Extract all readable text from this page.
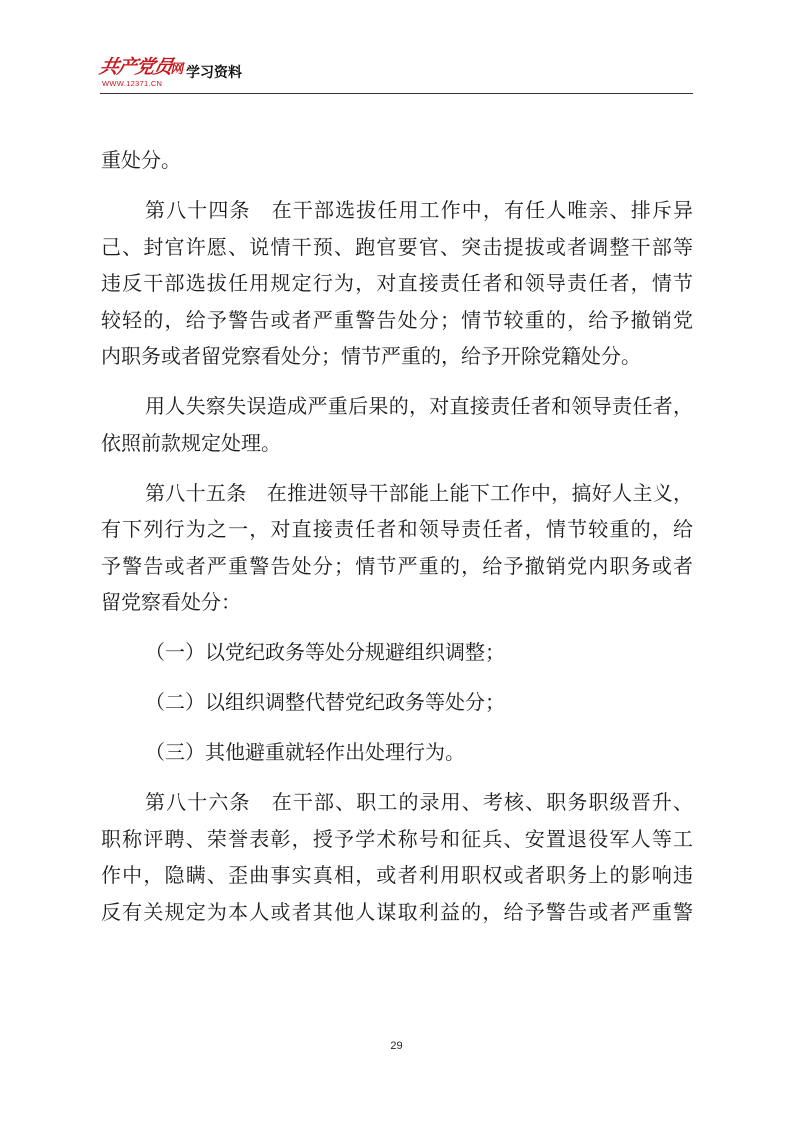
共产党员网
WWW.12371.CN
学习资料
重处分。
第八十四条　在干部选拔任用工作中，有任人唯亲、排斥异
己、封官许愿、说情干预、跑官要官、突击提拔或者调整干部等
违反干部选拔任用规定行为，对直接责任者和领导责任者，情节
较轻的，给予警告或者严重警告处分；情节较重的，给予撤销党
内职务或者留党察看处分；情节严重的，给予开除党籍处分。
用人失察失误造成严重后果的，对直接责任者和领导责任者，
依照前款规定处理。
第八十五条　在推进领导干部能上能下工作中，搞好人主义，
有下列行为之一，对直接责任者和领导责任者，情节较重的，给
予警告或者严重警告处分；情节严重的，给予撤销党内职务或者
留党察看处分：
（一）以党纪政务等处分规避组织调整；
（二）以组织调整代替党纪政务等处分；
（三）其他避重就轻作出处理行为。
第八十六条　在干部、职工的录用、考核、职务职级晋升、
职称评聘、荣誉表彰，授予学术称号和征兵、安置退役军人等工
作中，隐瞒、歪曲事实真相，或者利用职权或者职务上的影响违
反有关规定为本人或者其他人谋取利益的，给予警告或者严重警
29
